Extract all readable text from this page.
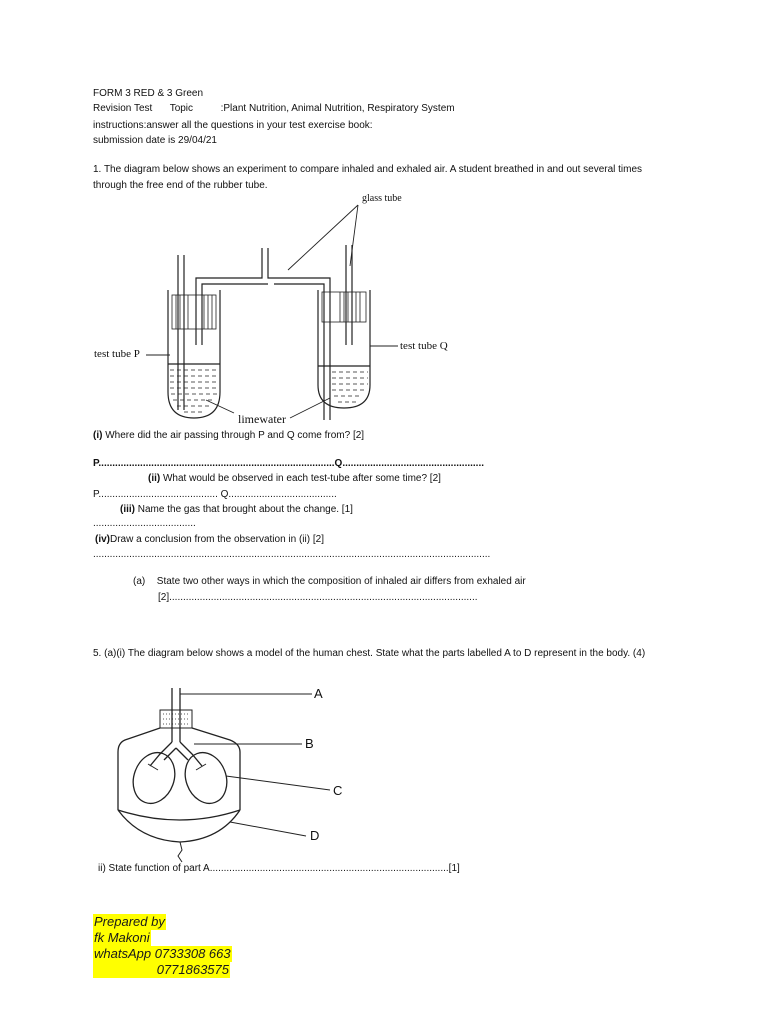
FORM 3 RED & 3 Green
Revision Test Topic	:Plant Nutrition, Animal Nutrition, Respiratory System
instructions:answer all the questions in your test exercise book:
submission date is 29/04/21
1. The diagram below shows an experiment to compare inhaled and exhaled air. A student breathed in and out several times through the free end of the rubber tube.
glass tube
test tube P
test tube Q
limewater
(i) Where did the air passing through P and Q come from? [2]
P.....................................................................................Q...................................................
(ii) What would be observed in each test-tube after some time? [2]
P........................................... Q.......................................
(iii) Name the gas that brought about the change. [1]
.....................................
(iv)Draw a conclusion from the observation in (ii) [2]
...............................................................................................................................................
(a) State two other ways in which the composition of inhaled air differs from exhaled air
[2]...............................................................................................................
5. (a)(i) The diagram below shows a model of the human chest. State what the parts labelled A to D represent in the body. (4)
A
B
C
D
ii) State function of part A......................................................................................[1]
Prepared by
fk Makoni
whatsApp 0733308 663
0771863575
